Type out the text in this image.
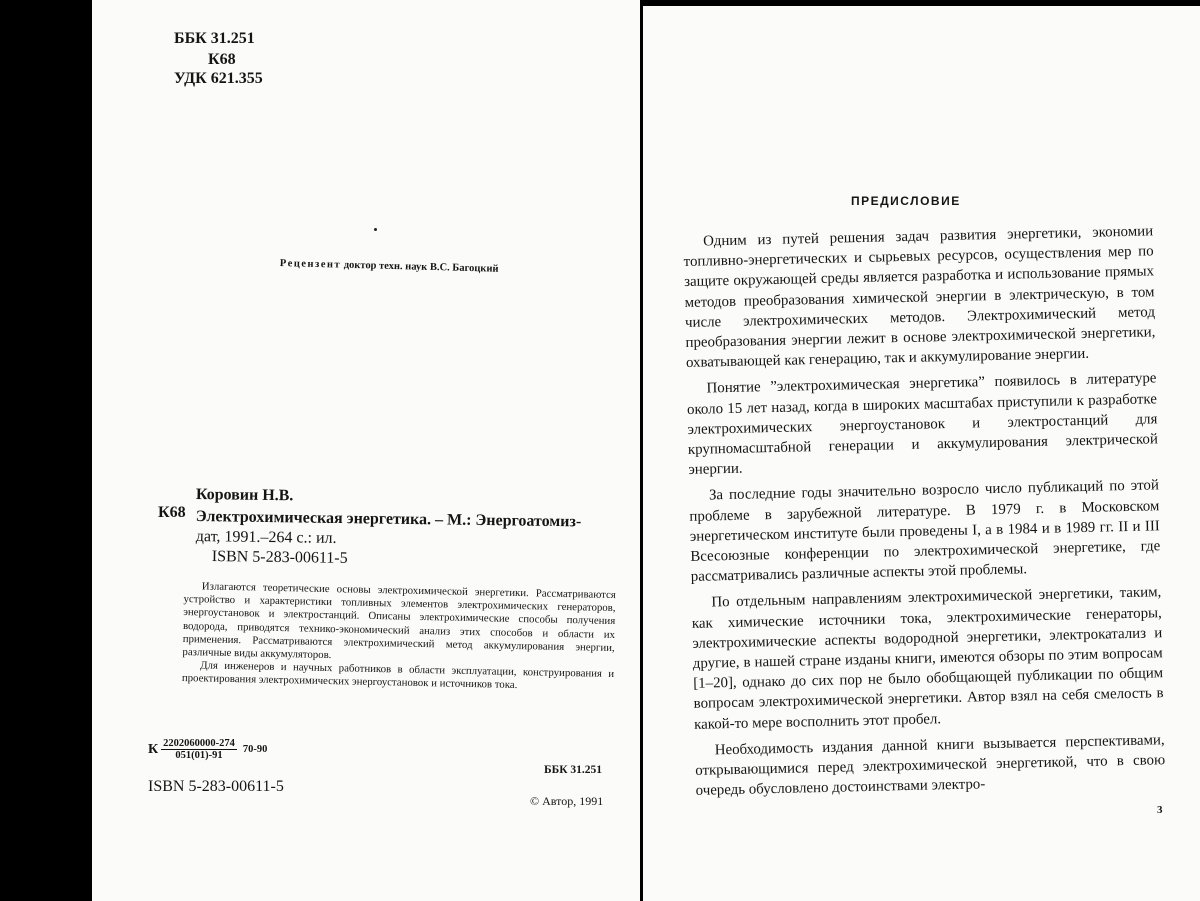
ББК 31.251
К68
УДК 621.355
Рецензент доктор техн. наук В.С. Багоцкий
К68
Коровин Н.В.
Электрохимическая энергетика. – М.: Энергоатомиз-
дат, 1991.–264 с.: ил.
ISBN 5-283-00611-5

Излагаются теоретические основы электрохимической энергетики. Рассматриваются устройство и характеристики топливных элементов электрохимических генераторов, энергоустановок и электростанций. Описаны электрохимические способы получения водорода, приводятся технико-экономический анализ этих способов и области их применения. Рассматриваются электрохимический метод аккумулирования энергии, различные виды аккумуляторов.

Для инженеров и научных работников в области эксплуатации, конструирования и проектирования электрохимических энергоустановок и источников тока.

К $\frac{2202060000-274}{051(01)-91} 70-90$
ББК 31.251
ISBN 5-283-00611-5
© Автор, 1991
ПРЕДИСЛОВИЕ

Одним из путей решения задач развития энергетики, экономии топливно-энергетических и сырьевых ресурсов, осуществления мер по защите окружающей среды является разработка и использование прямых методов преобразования химической энергии в электрическую, в том числе электрохимических методов. Электрохимический метод преобразования энергии лежит в основе электрохимической энергетики, охватывающей как генерацию, так и аккумулирование энергии.

Понятие ”электрохимическая энергетика” появилось в литературе около 15 лет назад, когда в широких масштабах приступили к разработке электрохимических энергоустановок и электростанций для крупномасштабной генерации и аккумулирования электрической энергии.

За последние годы значительно возросло число публикаций по этой проблеме в зарубежной литературе. В 1979 г. в Московском энергетическом институте были проведены I, а в 1984 и в 1989 гг. II и III Всесоюзные конференции по электрохимической энергетике, где рассматривались различные аспекты этой проблемы.

По отдельным направлениям электрохимической энергетики, таким, как химические источники тока, электрохимические генераторы, электрохимические аспекты водородной энергетики, электрокатализ и другие, в нашей стране изданы книги, имеются обзоры по этим вопросам [1–20], однако до сих пор не было обобщающей публикации по общим вопросам электрохимической энергетики. Автор взял на себя смелость в какой-то мере восполнить этот пробел.

Необходимость издания данной книги вызывается перспективами, открывающимися перед электрохимической энергетикой, что в свою очередь обусловлено достоинствами электро-

3
